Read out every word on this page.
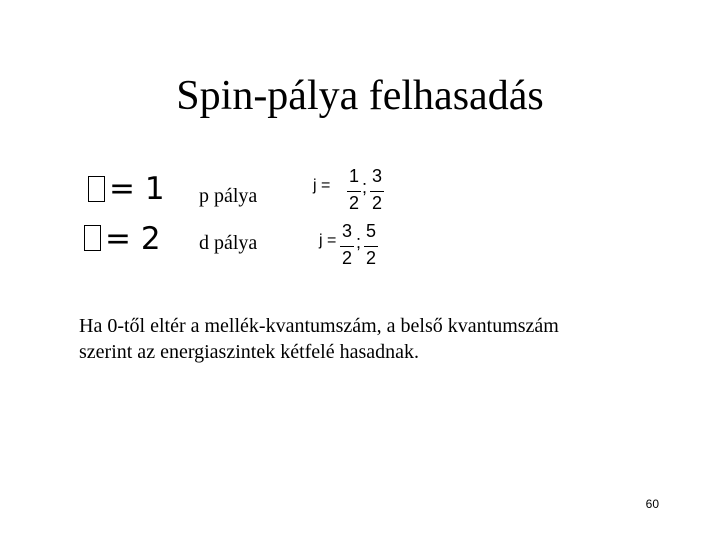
Spin-pálya felhasadás
= 1 p pálya	j = 1
2
;
3
2
= 2 d pálya	j = 3
2
;
5
2
Ha 0-től eltér a mellék-kvantumszám, a belső kvantumszám szerint az energiaszintek kétfelé hasadnak.
60
